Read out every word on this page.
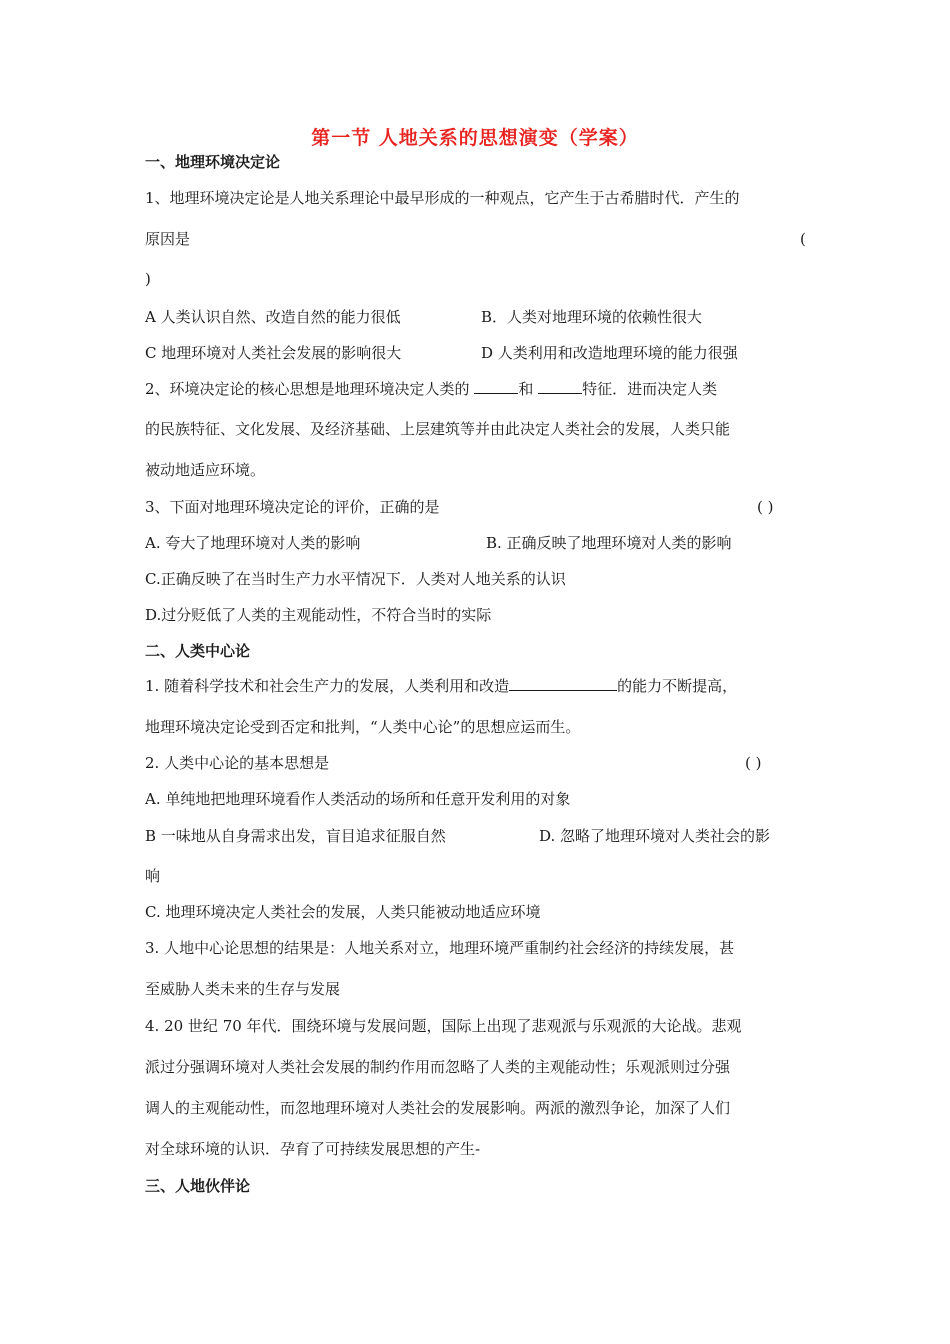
第一节 人地关系的思想演变（学案）
一、地理环境决定论
1、地理环境决定论是人地关系理论中最早形成的一种观点，它产生于古希腊时代．产生的
原因是	(
)
A 人类认识自然、改造自然的能力很低	B．人类对地理环境的依赖性很大
C 地理环境对人类社会发展的影响很大	D 人类利用和改造地理环境的能力很强
2、环境决定论的核心思想是地理环境决定人类的	和	特征．进而决定人类
的民族特征、文化发展、及经济基础、上层建筑等并由此决定人类社会的发展，人类只能
被动地适应环境。
3、下面对地理环境决定论的评价，正确的是	( )
A. 夸大了地理环境对人类的影响	B. 正确反映了地理环境对人类的影响
C.正确反映了在当时生产力水平情况下．人类对人地关系的认识
D.过分贬低了人类的主观能动性，不符合当时的实际
二、人类中心论
1. 随着科学技术和社会生产力的发展，人类利用和改造	的能力不断提高，
地理环境决定论受到否定和批判，“人类中心论”的思想应运而生。
2. 人类中心论的基本思想是	( )
A. 单纯地把地理环境看作人类活动的场所和任意开发利用的对象
B 一味地从自身需求出发，盲目追求征服自然	D. 忽略了地理环境对人类社会的影
响
C. 地理环境决定人类社会的发展，人类只能被动地适应环境
3. 人地中心论思想的结果是：人地关系对立，地理环境严重制约社会经济的持续发展，甚
至威胁人类未来的生存与发展
4. 20 世纪 70 年代．围绕环境与发展问题，国际上出现了悲观派与乐观派的大论战。悲观
派过分强调环境对人类社会发展的制约作用而忽略了人类的主观能动性；乐观派则过分强
调人的主观能动性，而忽地理环境对人类社会的发展影响。两派的激烈争论，加深了人们
对全球环境的认识．孕育了可持续发展思想的产生-
三、人地伙伴论
